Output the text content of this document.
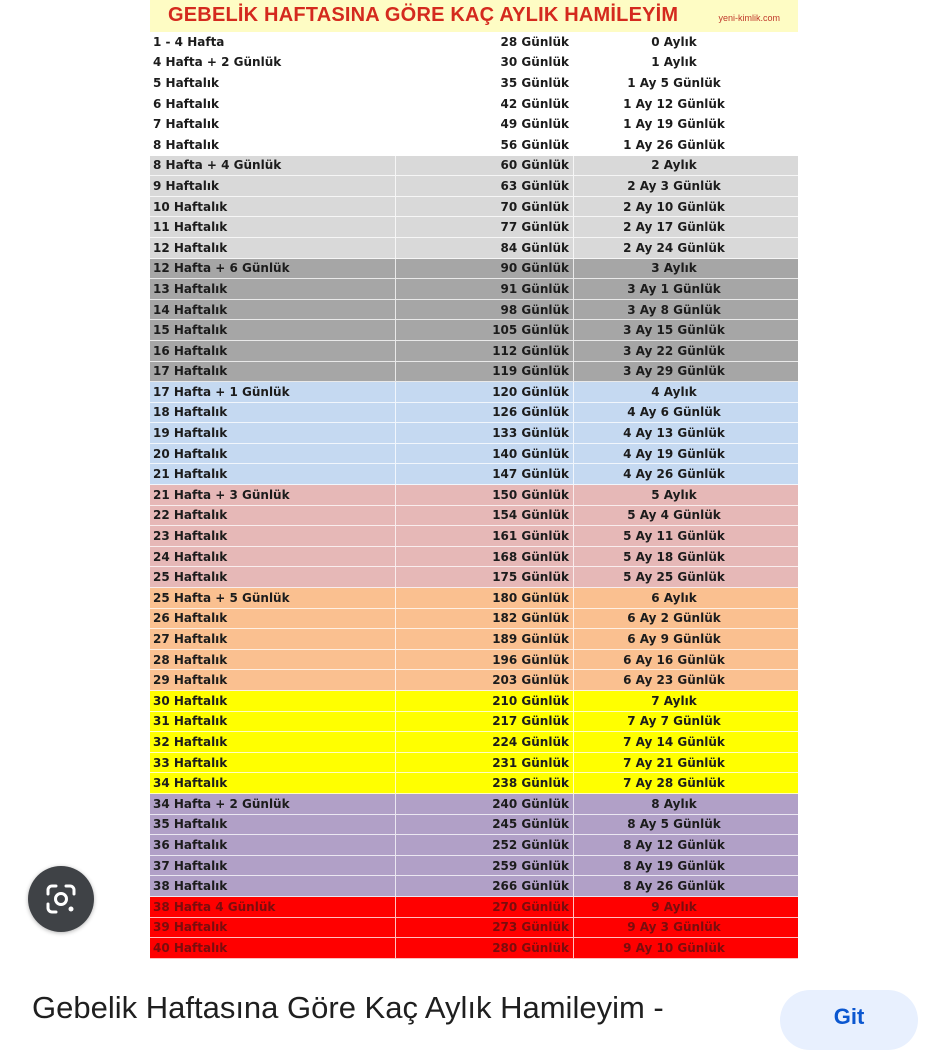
GEBELİK HAFTASINA GÖRE KAÇ AYLIK HAMİLEYİM	yeni-kimlik.com
1 - 4 Hafta	28 Günlük	0 Aylık
4 Hafta + 2 Günlük	30 Günlük	1 Aylık
5 Haftalık	35 Günlük	1 Ay 5 Günlük
6 Haftalık	42 Günlük	1 Ay 12 Günlük
7 Haftalık	49 Günlük	1 Ay 19 Günlük
8 Haftalık	56 Günlük	1 Ay 26 Günlük
8 Hafta + 4 Günlük	60 Günlük	2 Aylık
9 Haftalık	63 Günlük	2 Ay 3 Günlük
10 Haftalık	70 Günlük	2 Ay 10 Günlük
11 Haftalık	77 Günlük	2 Ay 17 Günlük
12 Haftalık	84 Günlük	2 Ay 24 Günlük
12 Hafta + 6 Günlük	90 Günlük	3 Aylık
13 Haftalık	91 Günlük	3 Ay 1 Günlük
14 Haftalık	98 Günlük	3 Ay 8 Günlük
15 Haftalık	105 Günlük	3 Ay 15 Günlük
16 Haftalık	112 Günlük	3 Ay 22 Günlük
17 Haftalık	119 Günlük	3 Ay 29 Günlük
17 Hafta + 1 Günlük	120 Günlük	4 Aylık
18 Haftalık	126 Günlük	4 Ay 6 Günlük
19 Haftalık	133 Günlük	4 Ay 13 Günlük
20 Haftalık	140 Günlük	4 Ay 19 Günlük
21 Haftalık	147 Günlük	4 Ay 26 Günlük
21 Hafta + 3 Günlük	150 Günlük	5 Aylık
22 Haftalık	154 Günlük	5 Ay 4 Günlük
23 Haftalık	161 Günlük	5 Ay 11 Günlük
24 Haftalık	168 Günlük	5 Ay 18 Günlük
25 Haftalık	175 Günlük	5 Ay 25 Günlük
25 Hafta + 5 Günlük	180 Günlük	6 Aylık
26 Haftalık	182 Günlük	6 Ay 2 Günlük
27 Haftalık	189 Günlük	6 Ay 9 Günlük
28 Haftalık	196 Günlük	6 Ay 16 Günlük
29 Haftalık	203 Günlük	6 Ay 23 Günlük
30 Haftalık	210 Günlük	7 Aylık
31 Haftalık	217 Günlük	7 Ay 7 Günlük
32 Haftalık	224 Günlük	7 Ay 14 Günlük
33 Haftalık	231 Günlük	7 Ay 21 Günlük
34 Haftalık	238 Günlük	7 Ay 28 Günlük
34 Hafta + 2 Günlük	240 Günlük	8 Aylık
35 Haftalık	245 Günlük	8 Ay 5 Günlük
36 Haftalık	252 Günlük	8 Ay 12 Günlük
37 Haftalık	259 Günlük	8 Ay 19 Günlük
38 Haftalık	266 Günlük	8 Ay 26 Günlük
38 Hafta 4 Günlük	270 Günlük	9 Aylık
39 Haftalık	273 Günlük	9 Ay 3 Günlük
40 Haftalık	280 Günlük	9 Ay 10 Günlük
Gebelik Haftasına Göre Kaç Aylık Hamileyim -	Git
